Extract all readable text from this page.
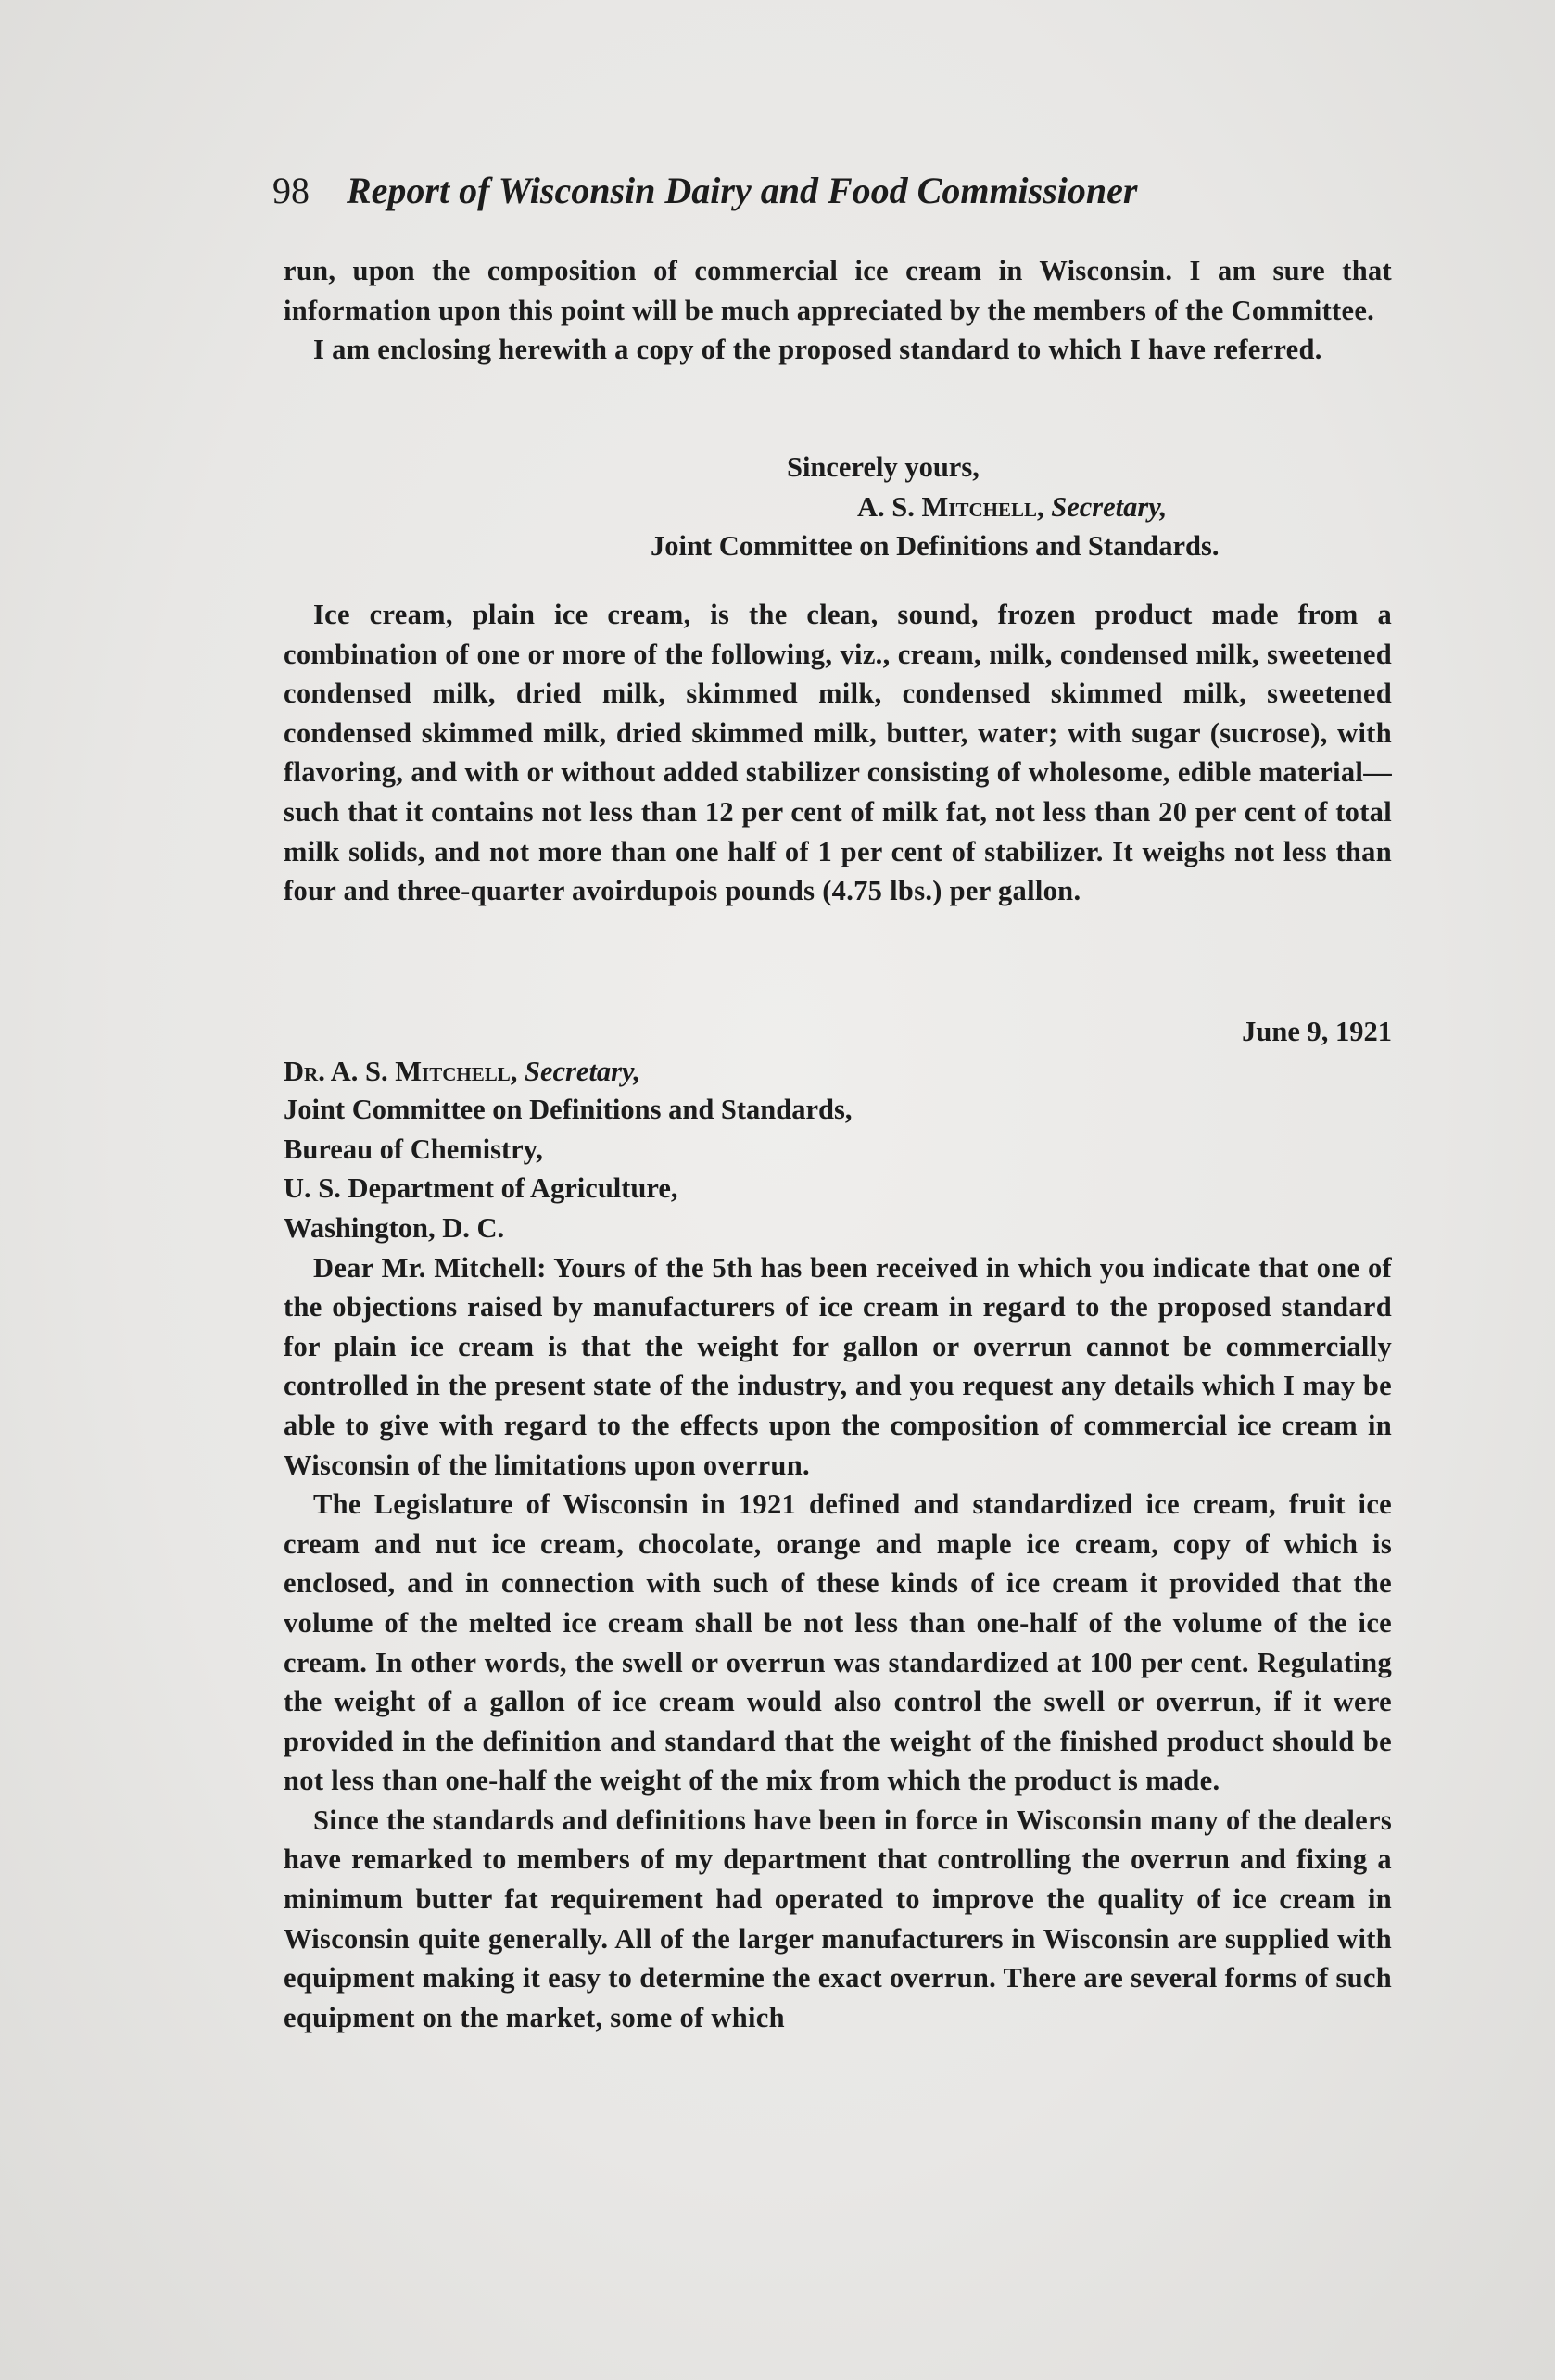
98 Report of Wisconsin Dairy and Food Commissioner

run, upon the composition of commercial ice cream in Wisconsin. I am sure that information upon this point will be much appreciated by the members of the Committee.

I am enclosing herewith a copy of the proposed standard to which I have referred.

Sincerely yours,

A. S. Mitchell, Secretary,

Joint Committee on Definitions and Standards.

Ice cream, plain ice cream, is the clean, sound, frozen product made from a combination of one or more of the following, viz., cream, milk, condensed milk, sweetened condensed milk, dried milk, skimmed milk, condensed skimmed milk, sweetened condensed skimmed milk, dried skimmed milk, butter, water; with sugar (sucrose), with flavoring, and with or without added stabilizer consisting of wholesome, edible material—such that it contains not less than 12 per cent of milk fat, not less than 20 per cent of total milk solids, and not more than one half of 1 per cent of stabilizer. It weighs not less than four and three-quarter avoirdupois pounds (4.75 lbs.) per gallon.

June 9, 1921

Dr. A. S. Mitchell, Secretary,

Joint Committee on Definitions and Standards,

Bureau of Chemistry,

U. S. Department of Agriculture,

Washington, D. C.

Dear Mr. Mitchell: Yours of the 5th has been received in which you indicate that one of the objections raised by manufacturers of ice cream in regard to the proposed standard for plain ice cream is that the weight for gallon or overrun cannot be commercially controlled in the present state of the industry, and you request any details which I may be able to give with regard to the effects upon the composition of commercial ice cream in Wisconsin of the limitations upon overrun.

The Legislature of Wisconsin in 1921 defined and standardized ice cream, fruit ice cream and nut ice cream, chocolate, orange and maple ice cream, copy of which is enclosed, and in connection with such of these kinds of ice cream it provided that the volume of the melted ice cream shall be not less than one-half of the volume of the ice cream. In other words, the swell or overrun was standardized at 100 per cent. Regulating the weight of a gallon of ice cream would also control the swell or overrun, if it were provided in the definition and standard that the weight of the finished product should be not less than one-half the weight of the mix from which the product is made.

Since the standards and definitions have been in force in Wisconsin many of the dealers have remarked to members of my department that controlling the overrun and fixing a minimum butter fat requirement had operated to improve the quality of ice cream in Wisconsin quite generally. All of the larger manufacturers in Wisconsin are supplied with equipment making it easy to determine the exact overrun. There are several forms of such equipment on the market, some of which
